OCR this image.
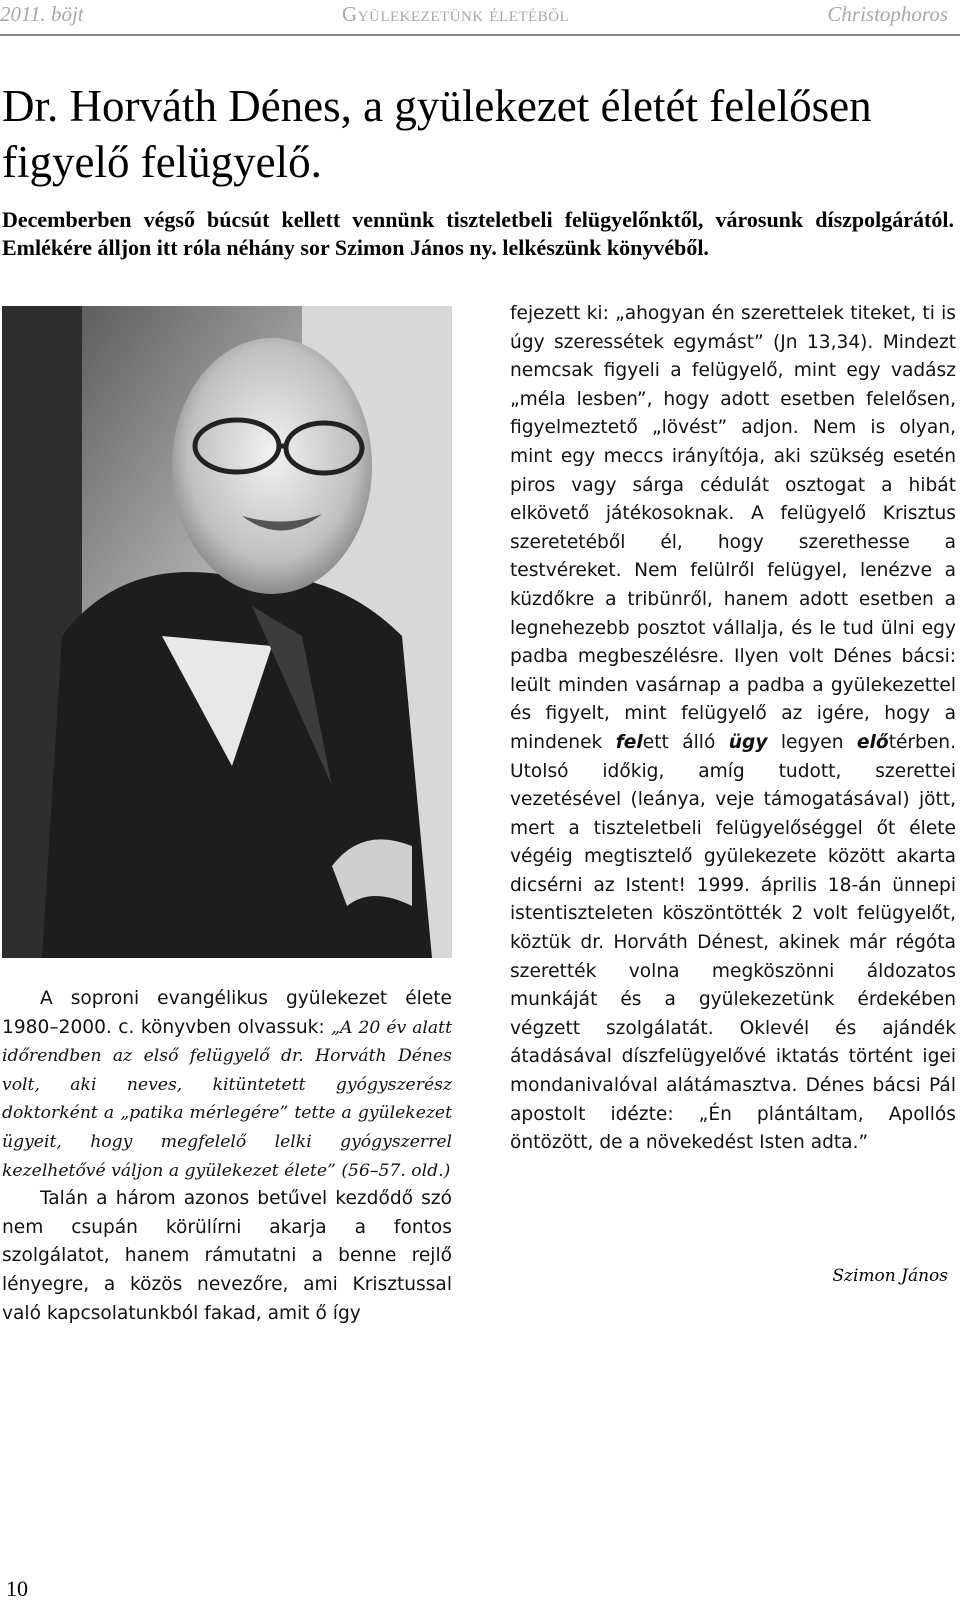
2011. böjt	Gyülekezetünk életéből	Christophoros
Dr. Horváth Dénes, a gyülekezet életét felelősen figyelő felügyelő.

Decemberben végső búcsút kellett vennünk tiszteletbeli felügyelőnktől, városunk díszpolgárától. Emlékére álljon itt róla néhány sor Szimon János ny. lelkészünk könyvéből.

A soproni evangélikus gyülekezet élete 1980–2000. c. könyvben olvassuk: „A 20 év alatt időrendben az első felügyelő dr. Horváth Dénes volt, aki neves, kitüntetett gyógyszerész doktorként a „patika mérlegére” tette a gyülekezet ügyeit, hogy megfelelő lelki gyógyszerrel kezelhetővé váljon a gyülekezet élete” (56–57. old.)

Talán a három azonos betűvel kezdődő szó nem csupán körülírni akarja a fontos szolgálatot, hanem rámutatni a benne rejlő lényegre, a közös nevezőre, ami Krisztussal való kapcsolatunkból fakad, amit ő így

fejezett ki: „ahogyan én szerettelek titeket, ti is úgy szeressétek egymást” (Jn 13,34). Mindezt nemcsak figyeli a felügyelő, mint egy vadász „méla lesben”, hogy adott esetben felelősen, figyelmeztető „lövést” adjon. Nem is olyan, mint egy meccs irányítója, aki szükség esetén piros vagy sárga cédulát osztogat a hibát elkövető játékosoknak. A felügyelő Krisztus szeretetéből él, hogy szerethesse a testvéreket. Nem felülről felügyel, lenézve a küzdőkre a tribünről, hanem adott esetben a legnehezebb posztot vállalja, és le tud ülni egy padba megbeszélésre. Ilyen volt Dénes bácsi: leült minden vasárnap a padba a gyülekezettel és figyelt, mint felügyelő az igére, hogy a mindenek felett álló ügy legyen előtérben. Utolsó időkig, amíg tudott, szerettei vezetésével (leánya, veje támogatásával) jött, mert a tiszteletbeli felügyelőséggel őt élete végéig megtisztelő gyülekezete között akarta dicsérni az Istent! 1999. április 18-án ünnepi istentiszteleten köszöntötték 2 volt felügyelőt, köztük dr. Horváth Dénest, akinek már régóta szerették volna megköszönni áldozatos munkáját és a gyülekezetünk érdekében végzett szolgálatát. Oklevél és ajándék átadásával díszfelügyelővé iktatás történt igei mondanivalóval alátámasztva. Dénes bácsi Pál apostolt idézte: „Én plántáltam, Apollós öntözött, de a növekedést Isten adta.”

Szimon János
10
